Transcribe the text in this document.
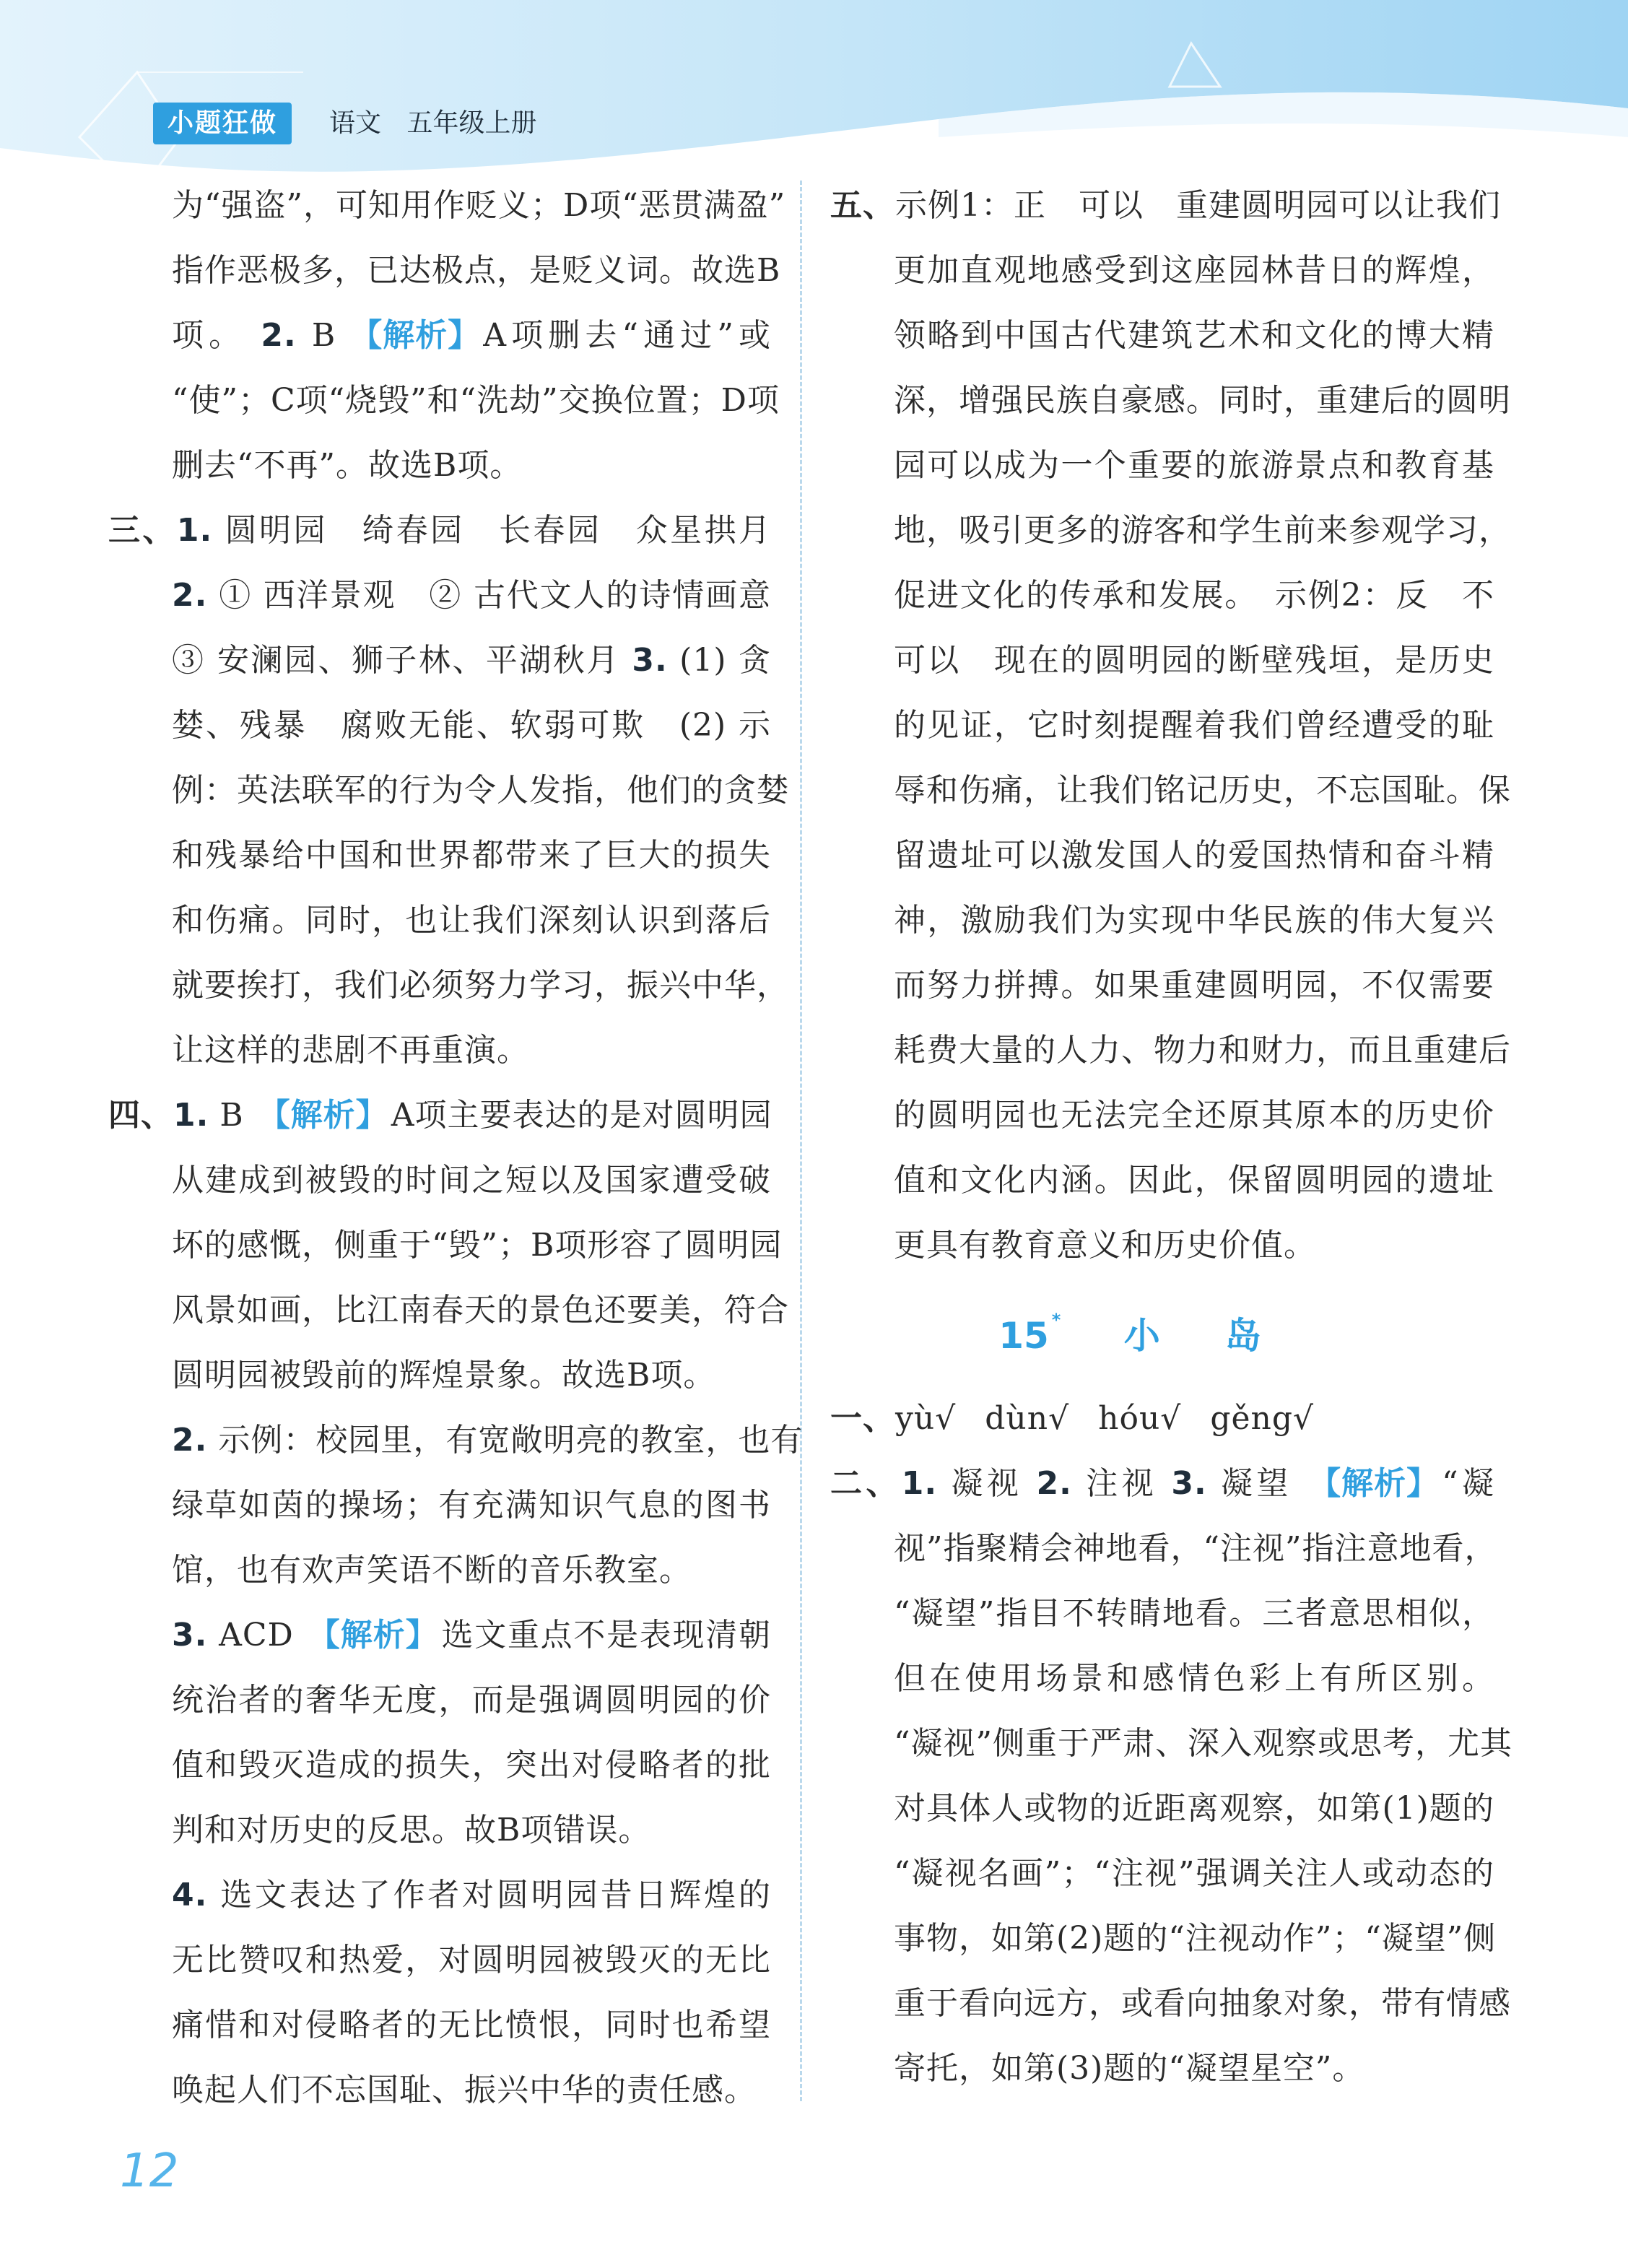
小题狂做	语文 五年级上册
为“强盗”，可知用作贬义；D项“恶贯满盈”
指作恶极多，已达极点，是贬义词。故选B
项。 2. B 【解析】A项删去“通过”或
“使”；C项“烧毁”和“洗劫”交换位置；D项
删去“不再”。故选B项。
三、1. 圆明园　绮春园　长春园　众星拱月
2. ① 西洋景观　② 古代文人的诗情画意
③ 安澜园、狮子林、平湖秋月 3. (1) 贪
婪、残暴　腐败无能、软弱可欺　(2) 示
例：英法联军的行为令人发指，他们的贪婪
和残暴给中国和世界都带来了巨大的损失
和伤痛。同时，也让我们深刻认识到落后
就要挨打，我们必须努力学习，振兴中华，
让这样的悲剧不再重演。
四、1. B 【解析】A项主要表达的是对圆明园
从建成到被毁的时间之短以及国家遭受破
坏的感慨，侧重于“毁”；B项形容了圆明园
风景如画，比江南春天的景色还要美，符合
圆明园被毁前的辉煌景象。故选B项。
2. 示例：校园里，有宽敞明亮的教室，也有
绿草如茵的操场；有充满知识气息的图书
馆，也有欢声笑语不断的音乐教室。
3. ACD 【解析】选文重点不是表现清朝
统治者的奢华无度，而是强调圆明园的价
值和毁灭造成的损失，突出对侵略者的批
判和对历史的反思。故B项错误。
4. 选文表达了作者对圆明园昔日辉煌的
无比赞叹和热爱，对圆明园被毁灭的无比
痛惜和对侵略者的无比愤恨，同时也希望
唤起人们不忘国耻、振兴中华的责任感。
五、示例1：正　可以　重建圆明园可以让我们
更加直观地感受到这座园林昔日的辉煌，
领略到中国古代建筑艺术和文化的博大精
深，增强民族自豪感。同时，重建后的圆明
园可以成为一个重要的旅游景点和教育基
地，吸引更多的游客和学生前来参观学习，
促进文化的传承和发展。　示例2：反　不
可以　现在的圆明园的断壁残垣，是历史
的见证，它时刻提醒着我们曾经遭受的耻
辱和伤痛，让我们铭记历史，不忘国耻。保
留遗址可以激发国人的爱国热情和奋斗精
神，激励我们为实现中华民族的伟大复兴
而努力拼搏。如果重建圆明园，不仅需要
耗费大量的人力、物力和财力，而且重建后
的圆明园也无法完全还原其原本的历史价
值和文化内涵。因此，保留圆明园的遗址
更具有教育意义和历史价值。
15 * 小岛
一、yù√ dùn√ hóu√ gěng√
二、1. 凝视 2. 注视 3. 凝望 【解析】“凝
视”指聚精会神地看，“注视”指注意地看，
“凝望”指目不转睛地看。三者意思相似，
但在使用场景和感情色彩上有所区别。
“凝视”侧重于严肃、深入观察或思考，尤其
对具体人或物的近距离观察，如第(1)题的
“凝视名画”；“注视”强调关注人或动态的
事物，如第(2)题的“注视动作”；“凝望”侧
重于看向远方，或看向抽象对象，带有情感
寄托，如第(3)题的“凝望星空”。
12
